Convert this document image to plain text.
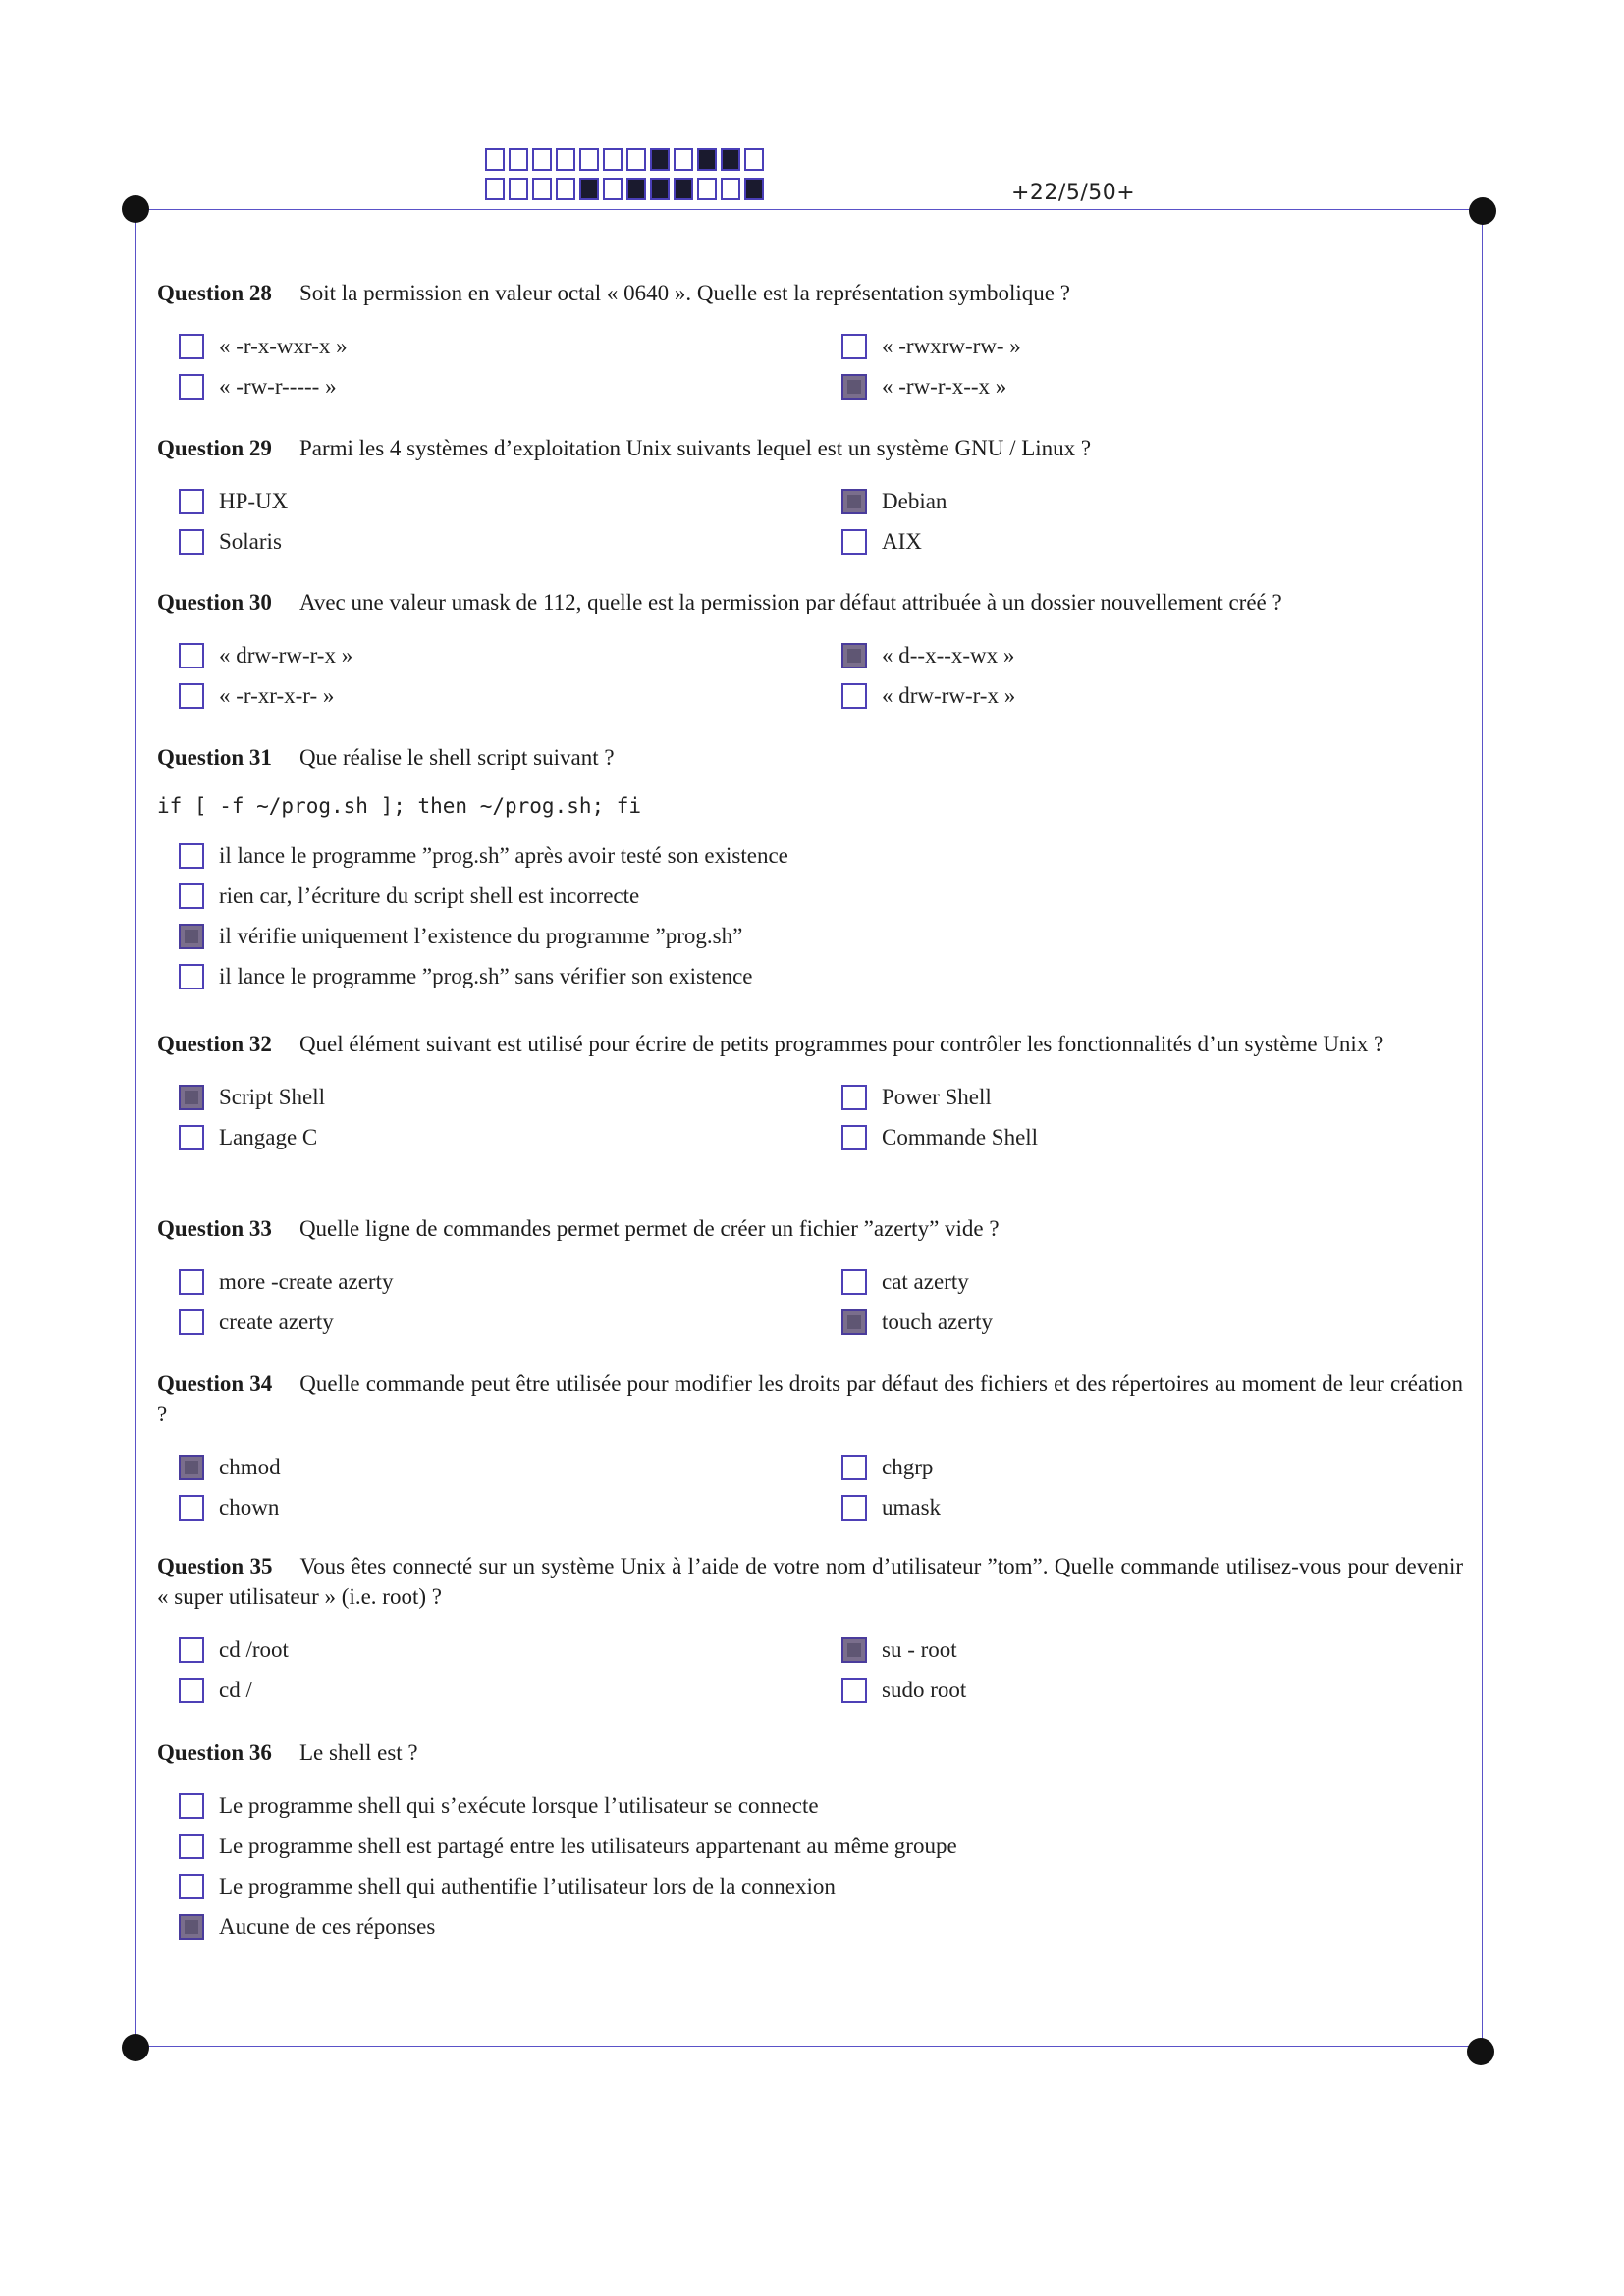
+22/5/50+

Question 28 Soit la permission en valeur octal « 0640 ». Quelle est la représentation symbolique ?

« -r-x-wxr-x »	« -rwxrw-rw- »
« -rw-r----- »	« -rw-r-x--x »

Question 29 Parmi les 4 systèmes d’exploitation Unix suivants lequel est un système GNU / Linux ?

HP-UX	Debian
Solaris	AIX

Question 30 Avec une valeur umask de 112, quelle est la permission par défaut attribuée à un dossier nouvellement créé ?

« drw-rw-r-x »	« d--x--x-wx »
« -r-xr-x-r- »	« drw-rw-r-x »

Question 31 Que réalise le shell script suivant ?

if [ -f ~/prog.sh ]; then ~/prog.sh; fi
il lance le programme ”prog.sh” après avoir testé son existence
rien car, l’écriture du script shell est incorrecte
il vérifie uniquement l’existence du programme ”prog.sh”
il lance le programme ”prog.sh” sans vérifier son existence

Question 32 Quel élément suivant est utilisé pour écrire de petits programmes pour contrôler les fonctionnalités d’un système Unix ?

Script Shell	Power Shell
Langage C	Commande Shell

Question 33 Quelle ligne de commandes permet permet de créer un fichier ”azerty” vide ?

more -create azerty	cat azerty
create azerty	touch azerty

Question 34 Quelle commande peut être utilisée pour modifier les droits par défaut des fichiers et des répertoires au moment de leur création ?

chmod	chgrp
chown	umask

Question 35 Vous êtes connecté sur un système Unix à l’aide de votre nom d’utilisateur ”tom”. Quelle commande utilisez-vous pour devenir « super utilisateur » (i.e. root) ?

cd /root	su - root
cd /	sudo root

Question 36 Le shell est ?

Le programme shell qui s’exécute lorsque l’utilisateur se connecte
Le programme shell est partagé entre les utilisateurs appartenant au même groupe
Le programme shell qui authentifie l’utilisateur lors de la connexion
Aucune de ces réponses
